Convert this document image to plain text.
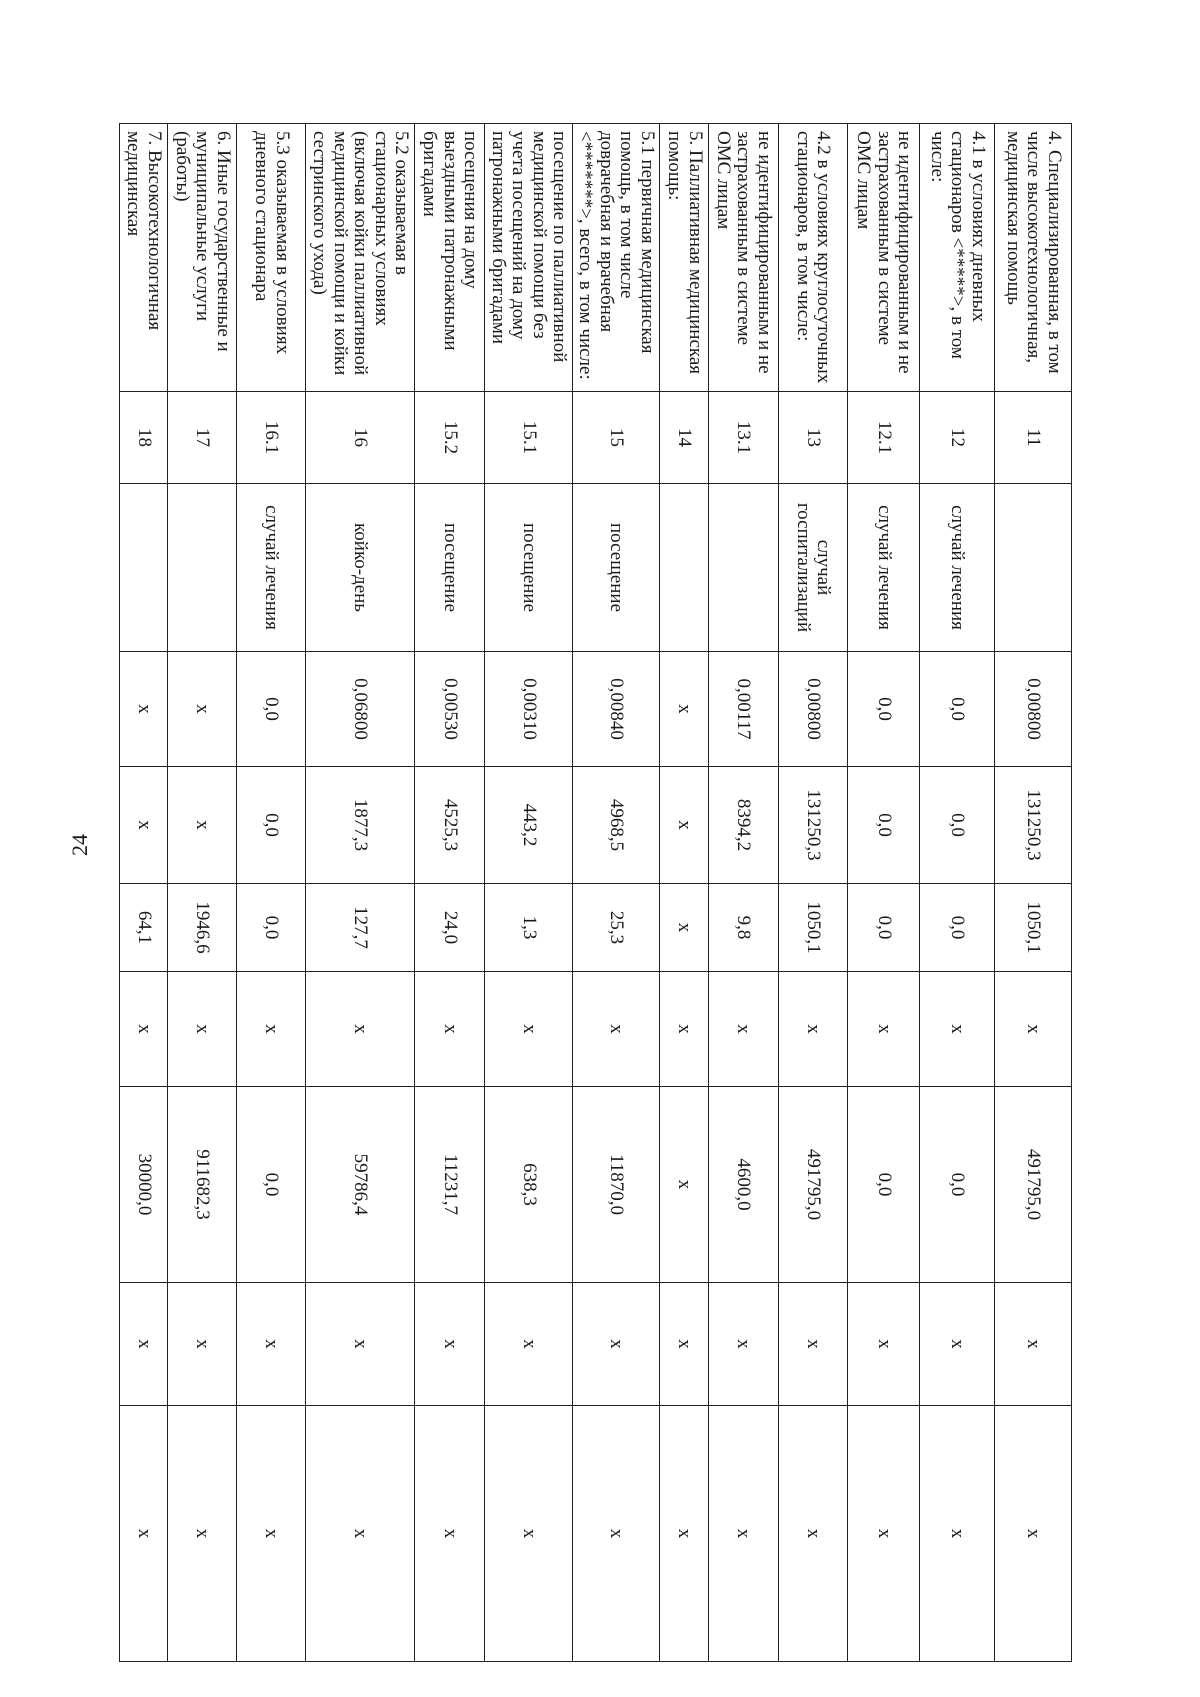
24
4. Специализированная, в том числе высокотехнологичная, медицинская помощь	11		0,00800	131250,3	1050,1	x	491795,0	x	x
4.1 в условиях дневных стационаров <*****>, в том числе:	12	случай лечения	0,0	0,0	0,0	x	0,0	x	x
не идентифицированным и не застрахованным в системе ОМС лицам	12.1	случай лечения	0,0	0,0	0,0	x	0,0	x	x
4.2 в условиях круглосуточных стационаров, в том числе:	13	случай госпитализаций	0,00800	131250,3	1050,1	x	491795,0	x	x
не идентифицированным и не застрахованным в системе ОМС лицам	13.1		0,00117	8394,2	9,8	x	4600,0	x	x
5. Паллиативная медицинская помощь:	14		x	x	x	x	x	x	x
5.1 первичная медицинская помощь, в том числе доврачебная и врачебная <*******>, всего, в том числе:	15	посещение	0,00840	4968,5	25,3	x	11870,0	x	x
посещение по паллиативной медицинской помощи без учета посещений на дому патронажными бригадами	15.1	посещение	0,00310	443,2	1,3	x	638,3	x	x
посещения на дому выездными патронажными бригадами	15.2	посещение	0,00530	4525,3	24,0	x	11231,7	x	x
5.2 оказываемая в стационарных условиях (включая койки паллиативной медицинской помощи и койки сестринского ухода)	16	койко-день	0,06800	1877,3	127,7	x	59786,4	x	x
5.3 оказываемая в условиях дневного стационара	16.1	случай лечения	0,0	0,0	0,0	x	0,0	x	x
6. Иные государственные и муниципальные услуги (работы)	17		x	x	1946,6	x	911682,3	x	x
7. Высокотехнологичная медицинская	18		x	x	64,1	x	30000,0	x	x
